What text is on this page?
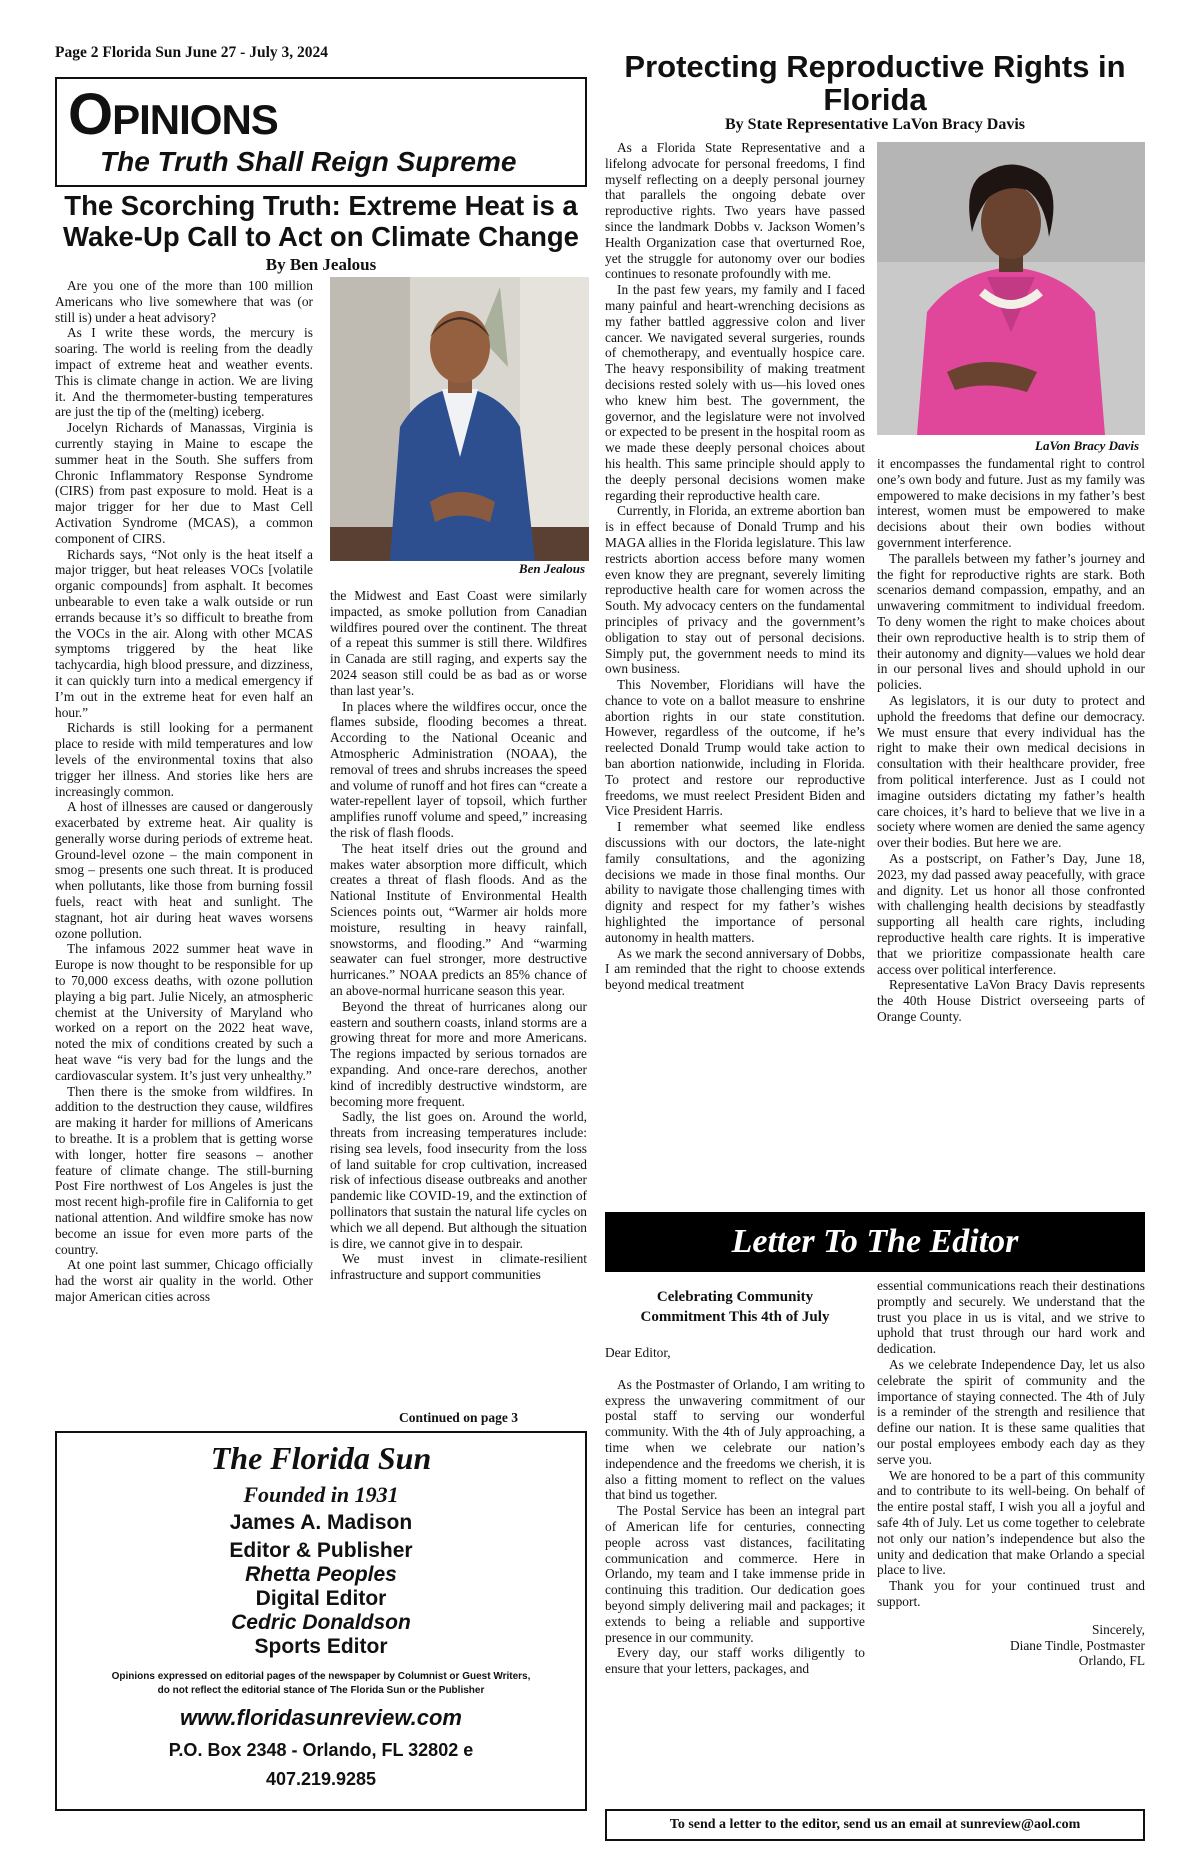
Page 2 Florida Sun June 27 - July 3, 2024
OPINIONS
The Truth Shall Reign Supreme
The Scorching Truth: Extreme Heat is a Wake-Up Call to Act on Climate Change
By Ben Jealous
Ben Jealous

Are you one of the more than 100 million Americans who live somewhere that was (or still is) under a heat advisory?

As I write these words, the mercury is soaring. The world is reeling from the deadly impact of extreme heat and weather events. This is climate change in action. We are living it. And the thermometer-busting temperatures are just the tip of the (melting) iceberg.

Jocelyn Richards of Manassas, Virginia is currently staying in Maine to escape the summer heat in the South. She suffers from Chronic Inflammatory Response Syndrome (CIRS) from past exposure to mold. Heat is a major trigger for her due to Mast Cell Activation Syndrome (MCAS), a common component of CIRS.

Richards says, “Not only is the heat itself a major trigger, but heat releases VOCs [volatile organic compounds] from asphalt. It becomes unbearable to even take a walk outside or run errands because it’s so difficult to breathe from the VOCs in the air. Along with other MCAS symptoms triggered by the heat like tachycardia, high blood pressure, and dizziness, it can quickly turn into a medical emergency if I’m out in the extreme heat for even half an hour.”

Richards is still looking for a permanent place to reside with mild temperatures and low levels of the environmental toxins that also trigger her illness. And stories like hers are increasingly common.

A host of illnesses are caused or dangerously exacerbated by extreme heat. Air quality is generally worse during periods of extreme heat. Ground-level ozone – the main component in smog – presents one such threat. It is produced when pollutants, like those from burning fossil fuels, react with heat and sunlight. The stagnant, hot air during heat waves worsens ozone pollution.

The infamous 2022 summer heat wave in Europe is now thought to be responsible for up to 70,000 excess deaths, with ozone pollution playing a big part. Julie Nicely, an atmospheric chemist at the University of Maryland who worked on a report on the 2022 heat wave, noted the mix of conditions created by such a heat wave “is very bad for the lungs and the cardiovascular system. It’s just very unhealthy.”

Then there is the smoke from wildfires. In addition to the destruction they cause, wildfires are making it harder for millions of Americans to breathe. It is a problem that is getting worse with longer, hotter fire seasons – another feature of climate change. The still-burning Post Fire northwest of Los Angeles is just the most recent high-profile fire in California to get national attention. And wildfire smoke has now become an issue for even more parts of the country.

At one point last summer, Chicago officially had the worst air quality in the world. Other major American cities across

the Midwest and East Coast were similarly impacted, as smoke pollution from Canadian wildfires poured over the continent. The threat of a repeat this summer is still there. Wildfires in Canada are still raging, and experts say the 2024 season still could be as bad as or worse than last year’s.

In places where the wildfires occur, once the flames subside, flooding becomes a threat. According to the National Oceanic and Atmospheric Administration (NOAA), the removal of trees and shrubs increases the speed and volume of runoff and hot fires can “create a water-repellent layer of topsoil, which further amplifies runoff volume and speed,” increasing the risk of flash floods.

The heat itself dries out the ground and makes water absorption more difficult, which creates a threat of flash floods. And as the National Institute of Environmental Health Sciences points out, “Warmer air holds more moisture, resulting in heavy rainfall, snowstorms, and flooding.” And “warming seawater can fuel stronger, more destructive hurricanes.” NOAA predicts an 85% chance of an above-normal hurricane season this year.

Beyond the threat of hurricanes along our eastern and southern coasts, inland storms are a growing threat for more and more Americans. The regions impacted by serious tornados are expanding. And once-rare derechos, another kind of incredibly destructive windstorm, are becoming more frequent.

Sadly, the list goes on. Around the world, threats from increasing temperatures include: rising sea levels, food insecurity from the loss of land suitable for crop cultivation, increased risk of infectious disease outbreaks and another pandemic like COVID-19, and the extinction of pollinators that sustain the natural life cycles on which we all depend. But although the situation is dire, we cannot give in to despair.

We must invest in climate-resilient infrastructure and support communities

Continued on page 3
The Florida Sun
Founded in 1931
James A. Madison
Editor & Publisher
Rhetta Peoples
Digital Editor
Cedric Donaldson
Sports Editor
Opinions expressed on editorial pages of the newspaper by Columnist or Guest Writers,
do not reflect the editorial stance of The Florida Sun or the Publisher
www.floridasunreview.com
P.O. Box 2348 - Orlando, FL 32802 e
407.219.9285
Protecting Reproductive Rights in Florida
By State Representative LaVon Bracy Davis

As a Florida State Representative and a lifelong advocate for personal freedoms, I find myself reflecting on a deeply personal journey that parallels the ongoing debate over reproductive rights. Two years have passed since the landmark Dobbs v. Jackson Women’s Health Organization case that overturned Roe, yet the struggle for autonomy over our bodies continues to resonate profoundly with me.

In the past few years, my family and I faced many painful and heart-wrenching decisions as my father battled aggressive colon and liver cancer. We navigated several surgeries, rounds of chemotherapy, and eventually hospice care. The heavy responsibility of making treatment decisions rested solely with us—his loved ones who knew him best. The government, the governor, and the legislature were not involved or expected to be present in the hospital room as we made these deeply personal choices about his health. This same principle should apply to the deeply personal decisions women make regarding their reproductive health care.

Currently, in Florida, an extreme abortion ban is in effect because of Donald Trump and his MAGA allies in the Florida legislature. This law restricts abortion access before many women even know they are pregnant, severely limiting reproductive health care for women across the South. My advocacy centers on the fundamental principles of privacy and the government’s obligation to stay out of personal decisions. Simply put, the government needs to mind its own business.

This November, Floridians will have the chance to vote on a ballot measure to enshrine abortion rights in our state constitution. However, regardless of the outcome, if he’s reelected Donald Trump would take action to ban abortion nationwide, including in Florida. To protect and restore our reproductive freedoms, we must reelect President Biden and Vice President Harris.

I remember what seemed like endless discussions with our doctors, the late-night family consultations, and the agonizing decisions we made in those final months. Our ability to navigate those challenging times with dignity and respect for my father’s wishes highlighted the importance of personal autonomy in health matters.

As we mark the second anniversary of Dobbs, I am reminded that the right to choose extends beyond medical treatment

LaVon Bracy Davis

it encompasses the fundamental right to control one’s own body and future. Just as my family was empowered to make decisions in my father’s best interest, women must be empowered to make decisions about their own bodies without government interference.

The parallels between my father’s journey and the fight for reproductive rights are stark. Both scenarios demand compassion, empathy, and an unwavering commitment to individual freedom. To deny women the right to make choices about their own reproductive health is to strip them of their autonomy and dignity—values we hold dear in our personal lives and should uphold in our policies.

As legislators, it is our duty to protect and uphold the freedoms that define our democracy. We must ensure that every individual has the right to make their own medical decisions in consultation with their healthcare provider, free from political interference. Just as I could not imagine outsiders dictating my father’s health care choices, it’s hard to believe that we live in a society where women are denied the same agency over their bodies. But here we are.

As a postscript, on Father’s Day, June 18, 2023, my dad passed away peacefully, with grace and dignity. Let us honor all those confronted with challenging health decisions by steadfastly supporting all health care rights, including reproductive health care rights. It is imperative that we prioritize compassionate health care access over political interference.

Representative LaVon Bracy Davis represents the 40th House District overseeing parts of Orange County.

Letter To The Editor
Celebrating Community
Commitment This 4th of July

Dear Editor,

As the Postmaster of Orlando, I am writing to express the unwavering commitment of our postal staff to serving our wonderful community. With the 4th of July approaching, a time when we celebrate our nation’s independence and the freedoms we cherish, it is also a fitting moment to reflect on the values that bind us together.

The Postal Service has been an integral part of American life for centuries, connecting people across vast distances, facilitating communication and commerce. Here in Orlando, my team and I take immense pride in continuing this tradition. Our dedication goes beyond simply delivering mail and packages; it extends to being a reliable and supportive presence in our community.

Every day, our staff works diligently to ensure that your letters, packages, and

essential communications reach their destinations promptly and securely. We understand that the trust you place in us is vital, and we strive to uphold that trust through our hard work and dedication.

As we celebrate Independence Day, let us also celebrate the spirit of community and the importance of staying connected. The 4th of July is a reminder of the strength and resilience that define our nation. It is these same qualities that our postal employees embody each day as they serve you.

We are honored to be a part of this community and to contribute to its well-being. On behalf of the entire postal staff, I wish you all a joyful and safe 4th of July. Let us come together to celebrate not only our nation’s independence but also the unity and dedication that make Orlando a special place to live.

Thank you for your continued trust and support.

Sincerely,
Diane Tindle, Postmaster
Orlando, FL
To send a letter to the editor, send us an email at sunreview@aol.com
